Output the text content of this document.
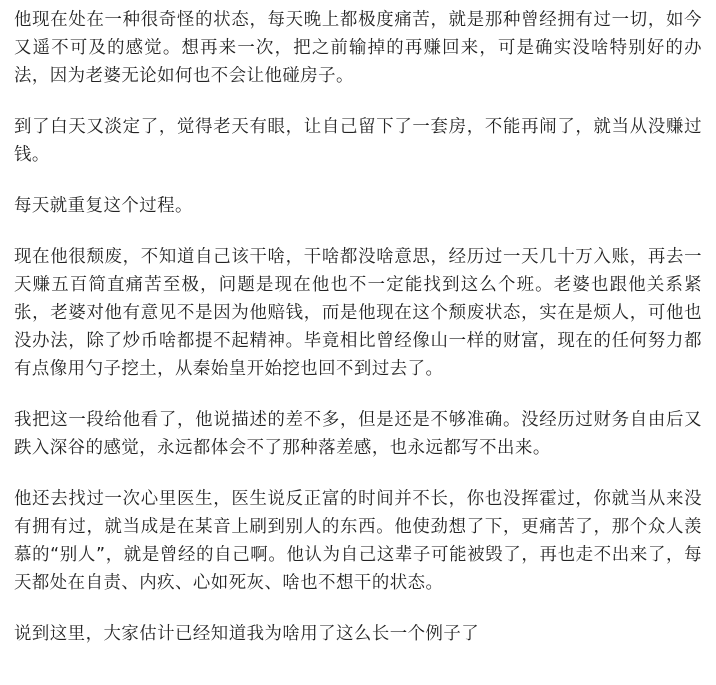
他现在处在一种很奇怪的状态，每天晚上都极度痛苦，就是那种曾经拥有过一切，如今又遥不可及的感觉。想再来一次，把之前输掉的再赚回来，可是确实没啥特别好的办法，因为老婆无论如何也不会让他碰房子。

到了白天又淡定了，觉得老天有眼，让自己留下了一套房，不能再闹了，就当从没赚过钱。

每天就重复这个过程。

现在他很颓废，不知道自己该干啥，干啥都没啥意思，经历过一天几十万入账，再去一天赚五百简直痛苦至极，问题是现在他也不一定能找到这么个班。老婆也跟他关系紧张，老婆对他有意见不是因为他赔钱，而是他现在这个颓废状态，实在是烦人，可他也没办法，除了炒币啥都提不起精神。毕竟相比曾经像山一样的财富，现在的任何努力都有点像用勺子挖土，从秦始皇开始挖也回不到过去了。

我把这一段给他看了，他说描述的差不多，但是还是不够准确。没经历过财务自由后又跌入深谷的感觉，永远都体会不了那种落差感，也永远都写不出来。

他还去找过一次心里医生，医生说反正富的时间并不长，你也没挥霍过，你就当从来没有拥有过，就当成是在某音上刷到别人的东西。他使劲想了下，更痛苦了，那个众人羡慕的“别人”，就是曾经的自己啊。他认为自己这辈子可能被毁了，再也走不出来了，每天都处在自责、内疚、心如死灰、啥也不想干的状态。

说到这里，大家估计已经知道我为啥用了这么长一个例子了
